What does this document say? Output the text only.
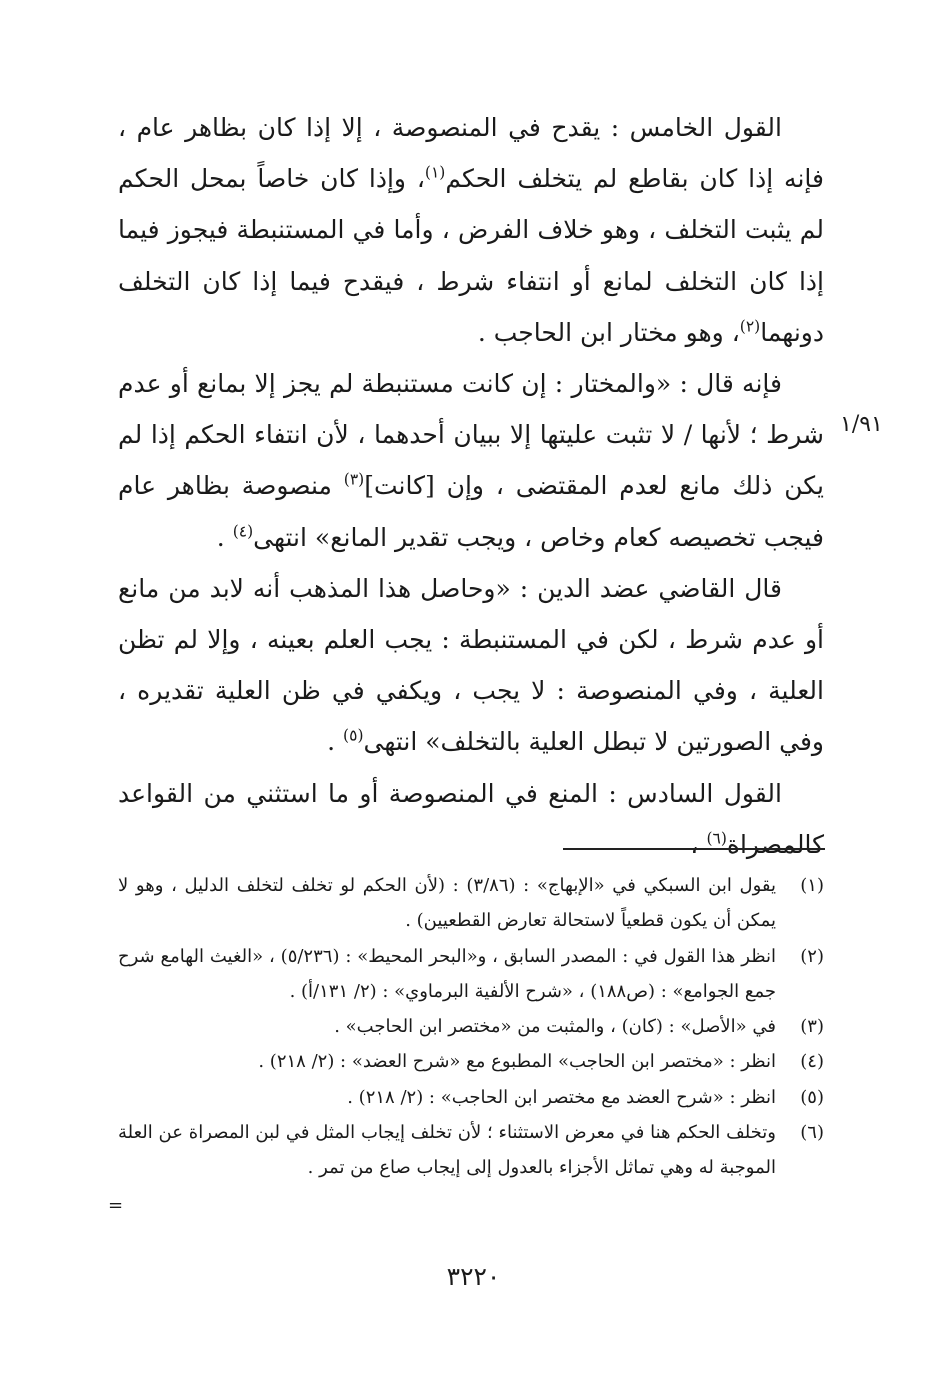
١/٩١

القول الخامس : يقدح في المنصوصة ، إلا إذا كان بظاهر عام ، فإنه إذا كان بقاطع لم يتخلف الحكم$^{(١)}$، وإذا كان خاصاً بمحل الحكم لم يثبت التخلف ، وهو خلاف الفرض ، وأما في المستنبطة فيجوز فيما إذا كان التخلف لمانع أو انتفاء شرط ، فيقدح فيما إذا كان التخلف دونهما$^{(٢)}$، وهو مختار ابن الحاجب .

فإنه قال : «والمختار : إن كانت مستنبطة لم يجز إلا بمانع أو عدم شرط ؛ لأنها / لا تثبت عليتها إلا ببيان أحدهما ، لأن انتفاء الحكم إذا لم يكن ذلك مانع لعدم المقتضى ، وإن [كانت]$^{(٣)}$ منصوصة بظاهر عام فيجب تخصيصه كعام وخاص ، ويجب تقدير المانع» انتهى$^{(٤)}$ .

قال القاضي عضد الدين : «وحاصل هذا المذهب أنه لابد من مانع أو عدم شرط ، لكن في المستنبطة : يجب العلم بعينه ، وإلا لم تظن العلية ، وفي المنصوصة : لا يجب ، ويكفي في ظن العلية تقديره ، وفي الصورتين لا تبطل العلية بالتخلف» انتهى$^{(٥)}$ .

القول السادس : المنع في المنصوصة أو ما استثني من القواعد كالمصراة$^{(٦)}$ ،

(١)
يقول ابن السبكي في «الإبهاج» : (٣/٨٦) : (لأن الحكم لو تخلف لتخلف الدليل ، وهو لا يمكن أن يكون قطعياً لاستحالة تعارض القطعيين) .
(٢)
انظر هذا القول في : المصدر السابق ، و«البحر المحيط» : (٥/٢٣٦) ، «الغيث الهامع شرح جمع الجوامع» : (ص١٨٨) ، «شرح الألفية البرماوي» : (٢/ ١٣١/أ) .
(٣)
في «الأصل» : (كان) ، والمثبت من «مختصر ابن الحاجب» .
(٤)
انظر : «مختصر ابن الحاجب» المطبوع مع «شرح العضد» : (٢/ ٢١٨) .
(٥)
انظر : «شرح العضد مع مختصر ابن الحاجب» : (٢/ ٢١٨) .
(٦)
وتخلف الحكم هنا في معرض الاستثناء ؛ لأن تخلف إيجاب المثل في لبن المصراة عن العلة الموجبة له وهي تماثل الأجزاء بالعدول إلى إيجاب صاع من تمر .
=
٣٢٢٠
